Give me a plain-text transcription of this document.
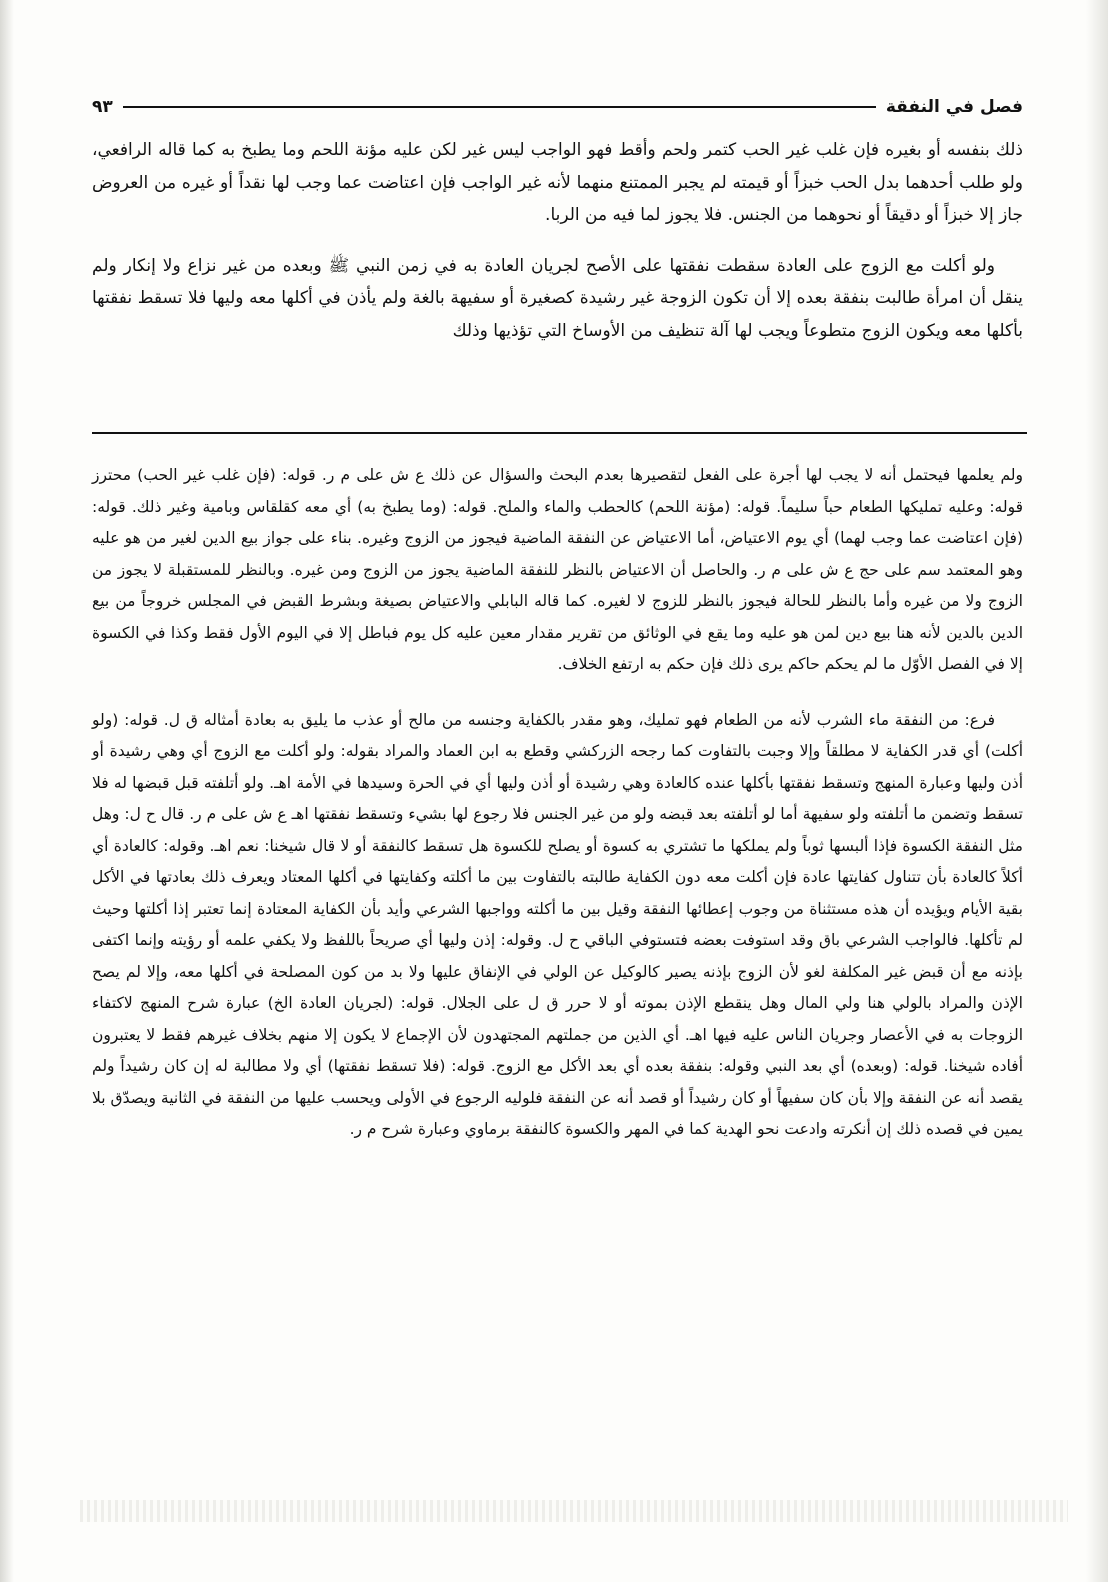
فصل في النفقة
٩٣

ذلك بنفسه أو بغيره فإن غلب غير الحب كتمر ولحم وأقط فهو الواجب ليس غير لكن عليه مؤنة اللحم وما يطبخ به كما قاله الرافعي، ولو طلب أحدهما بدل الحب خبزاً أو قيمته لم يجبر الممتنع منهما لأنه غير الواجب فإن اعتاضت عما وجب لها نقداً أو غيره من العروض جاز إلا خبزاً أو دقيقاً أو نحوهما من الجنس. فلا يجوز لما فيه من الربا.

ولو أكلت مع الزوج على العادة سقطت نفقتها على الأصح لجريان العادة به في زمن النبي ﷺ وبعده من غير نزاع ولا إنكار ولم ينقل أن امرأة طالبت بنفقة بعده إلا أن تكون الزوجة غير رشيدة كصغيرة أو سفيهة بالغة ولم يأذن في أكلها معه وليها فلا تسقط نفقتها بأكلها معه ويكون الزوج متطوعاً ويجب لها آلة تنظيف من الأوساخ التي تؤذيها وذلك

ولم يعلمها فيحتمل أنه لا يجب لها أجرة على الفعل لتقصيرها بعدم البحث والسؤال عن ذلك ع ش على م ر. قوله: (فإن غلب غير الحب) محترز قوله: وعليه تمليكها الطعام حباً سليماً. قوله: (مؤنة اللحم) كالحطب والماء والملح. قوله: (وما يطبخ به) أي معه كقلقاس وبامية وغير ذلك. قوله: (فإن اعتاضت عما وجب لهما) أي يوم الاعتياض، أما الاعتياض عن النفقة الماضية فيجوز من الزوج وغيره. بناء على جواز بيع الدين لغير من هو عليه وهو المعتمد سم على حج ع ش على م ر. والحاصل أن الاعتياض بالنظر للنفقة الماضية يجوز من الزوج ومن غيره. وبالنظر للمستقبلة لا يجوز من الزوج ولا من غيره وأما بالنظر للحالة فيجوز بالنظر للزوج لا لغيره. كما قاله البابلي والاعتياض بصيغة وبشرط القبض في المجلس خروجاً من بيع الدين بالدين لأنه هنا بيع دين لمن هو عليه وما يقع في الوثائق من تقرير مقدار معين عليه كل يوم فباطل إلا في اليوم الأول فقط وكذا في الكسوة إلا في الفصل الأوّل ما لم يحكم حاكم يرى ذلك فإن حكم به ارتفع الخلاف.

فرع: من النفقة ماء الشرب لأنه من الطعام فهو تمليك، وهو مقدر بالكفاية وجنسه من مالح أو عذب ما يليق به بعادة أمثاله ق ل. قوله: (ولو أكلت) أي قدر الكفاية لا مطلقاً وإلا وجبت بالتفاوت كما رجحه الزركشي وقطع به ابن العماد والمراد بقوله: ولو أكلت مع الزوج أي وهي رشيدة أو أذن وليها وعبارة المنهج وتسقط نفقتها بأكلها عنده كالعادة وهي رشيدة أو أذن وليها أي في الحرة وسيدها في الأمة اهـ. ولو أتلفته قبل قبضها له فلا تسقط وتضمن ما أتلفته ولو سفيهة أما لو أتلفته بعد قبضه ولو من غير الجنس فلا رجوع لها بشيء وتسقط نفقتها اهـ ع ش على م ر. قال ح ل: وهل مثل النفقة الكسوة فإذا ألبسها ثوباً ولم يملكها ما تشتري به كسوة أو يصلح للكسوة هل تسقط كالنفقة أو لا قال شيخنا: نعم اهـ. وقوله: كالعادة أي أكلاً كالعادة بأن تتناول كفايتها عادة فإن أكلت معه دون الكفاية طالبته بالتفاوت بين ما أكلته وكفايتها في أكلها المعتاد ويعرف ذلك بعادتها في الأكل بقية الأيام ويؤيده أن هذه مستثناة من وجوب إعطائها النفقة وقيل بين ما أكلته وواجبها الشرعي وأيد بأن الكفاية المعتادة إنما تعتبر إذا أكلتها وحيث لم تأكلها. فالواجب الشرعي باق وقد استوفت بعضه فتستوفي الباقي ح ل. وقوله: إذن وليها أي صريحاً باللفظ ولا يكفي علمه أو رؤيته وإنما اكتفى بإذنه مع أن قبض غير المكلفة لغو لأن الزوج بإذنه يصير كالوكيل عن الولي في الإنفاق عليها ولا بد من كون المصلحة في أكلها معه، وإلا لم يصح الإذن والمراد بالولي هنا ولي المال وهل ينقطع الإذن بموته أو لا حرر ق ل على الجلال. قوله: (لجريان العادة الخ) عبارة شرح المنهج لاكتفاء الزوجات به في الأعصار وجريان الناس عليه فيها اهـ. أي الذين من جملتهم المجتهدون لأن الإجماع لا يكون إلا منهم بخلاف غيرهم فقط لا يعتبرون أفاده شيخنا. قوله: (وبعده) أي بعد النبي وقوله: بنفقة بعده أي بعد الأكل مع الزوج. قوله: (فلا تسقط نفقتها) أي ولا مطالبة له إن كان رشيداً ولم يقصد أنه عن النفقة وإلا بأن كان سفيهاً أو كان رشيداً أو قصد أنه عن النفقة فلوليه الرجوع في الأولى ويحسب عليها من النفقة في الثانية ويصدّق بلا يمين في قصده ذلك إن أنكرته وادعت نحو الهدية كما في المهر والكسوة كالنفقة برماوي وعبارة شرح م ر.
